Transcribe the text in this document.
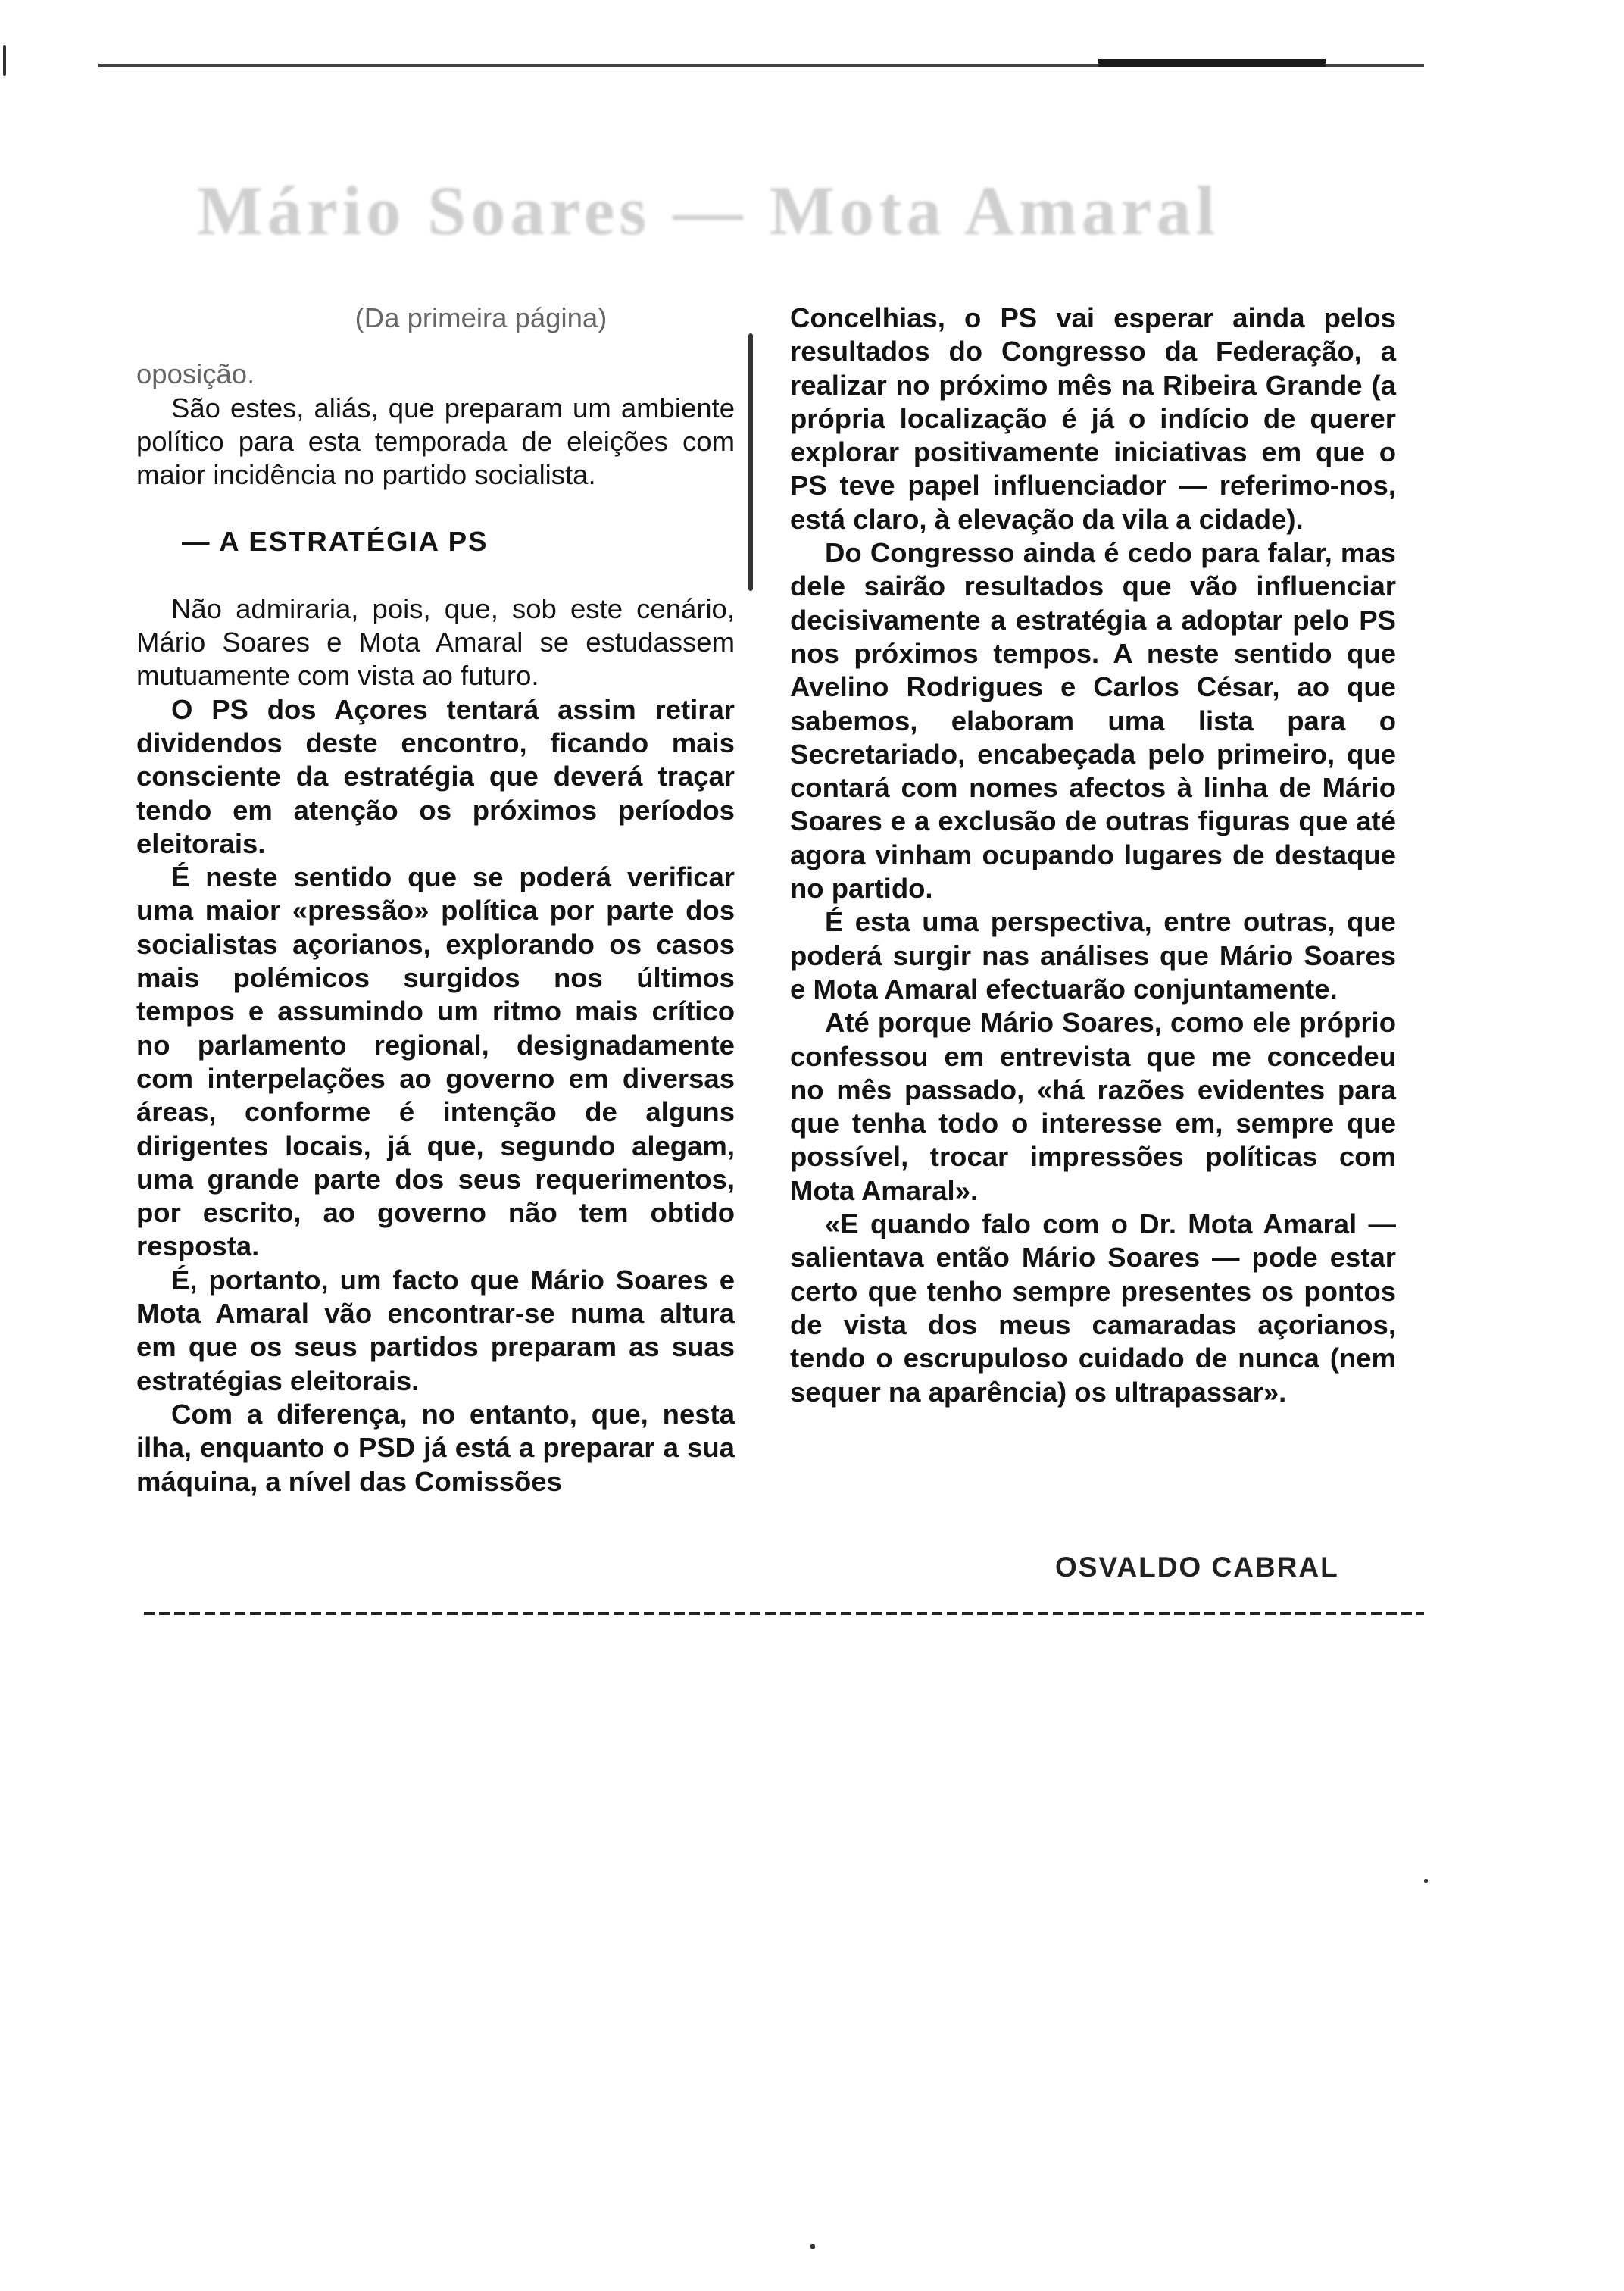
Mário Soares — Mota Amaral

(Da primeira página)

oposição.

São estes, aliás, que preparam um ambiente político para esta temporada de eleições com maior incidência no partido socialista.

— A ESTRATÉGIA PS

Não admiraria, pois, que, sob este cenário, Mário Soares e Mota Amaral se estudassem mutuamente com vista ao futuro.

O PS dos Açores tentará assim retirar dividendos deste encontro, ficando mais consciente da estratégia que deverá traçar tendo em atenção os próximos períodos eleitorais.

É neste sentido que se poderá verificar uma maior «pressão» política por parte dos socialistas açorianos, explorando os casos mais polémicos surgidos nos últimos tempos e assumindo um ritmo mais crítico no parlamento regional, designadamente com interpelações ao governo em diversas áreas, conforme é intenção de alguns dirigentes locais, já que, segundo alegam, uma grande parte dos seus requerimentos, por escrito, ao governo não tem obtido resposta.

É, portanto, um facto que Mário Soares e Mota Amaral vão encontrar-se numa altura em que os seus partidos preparam as suas estratégias eleitorais.

Com a diferença, no entanto, que, nesta ilha, enquanto o PSD já está a preparar a sua máquina, a nível das Comissões

Concelhias, o PS vai esperar ainda pelos resultados do Congresso da Federação, a realizar no próximo mês na Ribeira Grande (a própria localização é já o indício de querer explorar positivamente iniciativas em que o PS teve papel influenciador — referimo-nos, está claro, à elevação da vila a cidade).

Do Congresso ainda é cedo para falar, mas dele sairão resultados que vão influenciar decisivamente a estratégia a adoptar pelo PS nos próximos tempos. A neste sentido que Avelino Rodrigues e Carlos César, ao que sabemos, elaboram uma lista para o Secretariado, encabeçada pelo primeiro, que contará com nomes afectos à linha de Mário Soares e a exclusão de outras figuras que até agora vinham ocupando lugares de destaque no partido.

É esta uma perspectiva, entre outras, que poderá surgir nas análises que Mário Soares e Mota Amaral efectuarão conjuntamente.

Até porque Mário Soares, como ele próprio confessou em entrevista que me concedeu no mês passado, «há razões evidentes para que tenha todo o interesse em, sempre que possível, trocar impressões políticas com Mota Amaral».

«E quando falo com o Dr. Mota Amaral — salientava então Mário Soares — pode estar certo que tenho sempre presentes os pontos de vista dos meus camaradas açorianos, tendo o escrupuloso cuidado de nunca (nem sequer na aparência) os ultrapassar».

OSVALDO CABRAL
